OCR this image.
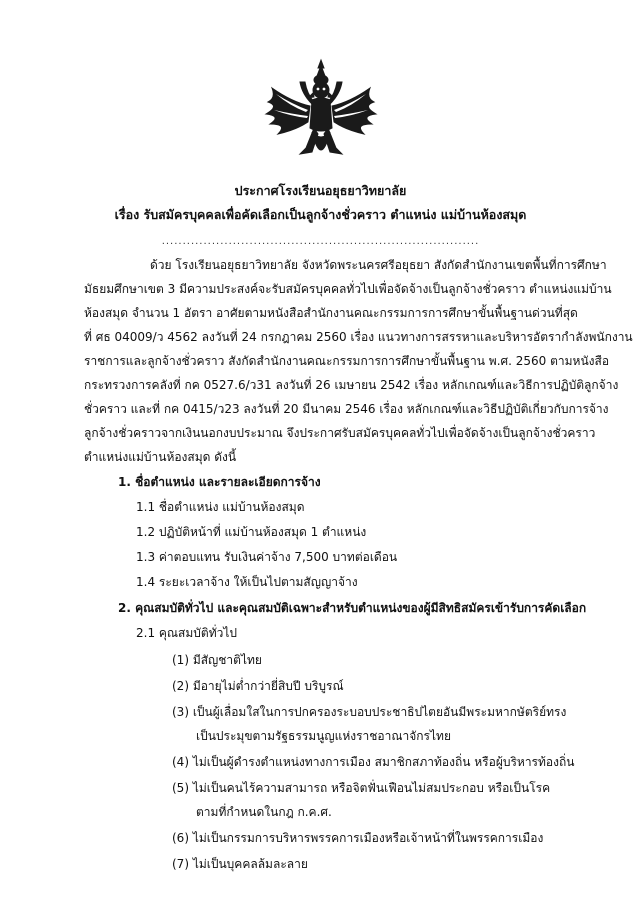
ประกาศโรงเรียนอยุธยาวิทยาลัย
เรื่อง รับสมัครบุคคลเพื่อคัดเลือกเป็นลูกจ้างชั่วคราว ตำแหน่ง แม่บ้านห้องสมุด
............................................................................
ด้วย โรงเรียนอยุธยาวิทยาลัย จังหวัดพระนครศรีอยุธยา สังกัดสำนักงานเขตพื้นที่การศึกษา
มัธยมศึกษาเขต 3 มีความประสงค์จะรับสมัครบุคคลทั่วไปเพื่อจัดจ้างเป็นลูกจ้างชั่วคราว ตำแหน่งแม่บ้าน
ห้องสมุด จำนวน 1 อัตรา อาศัยตามหนังสือสำนักงานคณะกรรมการการศึกษาขั้นพื้นฐานด่วนที่สุด
ที่ ศธ 04009/ว 4562 ลงวันที่ 24 กรกฎาคม 2560 เรื่อง แนวทางการสรรหาและบริหารอัตรากำลังพนักงาน
ราชการและลูกจ้างชั่วคราว สังกัดสำนักงานคณะกรรมการการศึกษาขั้นพื้นฐาน พ.ศ. 2560 ตามหนังสือ
กระทรวงการคลังที่ กค 0527.6/ว31 ลงวันที่ 26 เมษายน 2542 เรื่อง หลักเกณฑ์และวิธีการปฏิบัติลูกจ้าง
ชั่วคราว และที่ กค 0415/ว23 ลงวันที่ 20 มีนาคม 2546 เรื่อง หลักเกณฑ์และวิธีปฏิบัติเกี่ยวกับการจ้าง
ลูกจ้างชั่วคราวจากเงินนอกงบประมาณ จึงประกาศรับสมัครบุคคลทั่วไปเพื่อจัดจ้างเป็นลูกจ้างชั่วคราว
ตำแหน่งแม่บ้านห้องสมุด ดังนี้
1. ชื่อตำแหน่ง และรายละเอียดการจ้าง
1.1 ชื่อตำแหน่ง แม่บ้านห้องสมุด
1.2 ปฏิบัติหน้าที่ แม่บ้านห้องสมุด 1 ตำแหน่ง
1.3 ค่าตอบแทน รับเงินค่าจ้าง 7,500 บาทต่อเดือน
1.4 ระยะเวลาจ้าง ให้เป็นไปตามสัญญาจ้าง
2. คุณสมบัติทั่วไป และคุณสมบัติเฉพาะสำหรับตำแหน่งของผู้มีสิทธิสมัครเข้ารับการคัดเลือก
2.1 คุณสมบัติทั่วไป
(1) มีสัญชาติไทย
(2) มีอายุไม่ต่ำกว่ายี่สิบปี บริบูรณ์
(3) เป็นผู้เลื่อมใสในการปกครองระบอบประชาธิปไตยอันมีพระมหากษัตริย์ทรง
เป็นประมุขตามรัฐธรรมนูญแห่งราชอาณาจักรไทย
(4) ไม่เป็นผู้ดำรงตำแหน่งทางการเมือง สมาชิกสภาท้องถิ่น หรือผู้บริหารท้องถิ่น
(5) ไม่เป็นคนไร้ความสามารถ หรือจิตฟั่นเฟือนไม่สมประกอบ หรือเป็นโรค
ตามที่กำหนดในกฎ ก.ค.ศ.
(6) ไม่เป็นกรรมการบริหารพรรคการเมืองหรือเจ้าหน้าที่ในพรรคการเมือง
(7) ไม่เป็นบุคคลล้มละลาย
